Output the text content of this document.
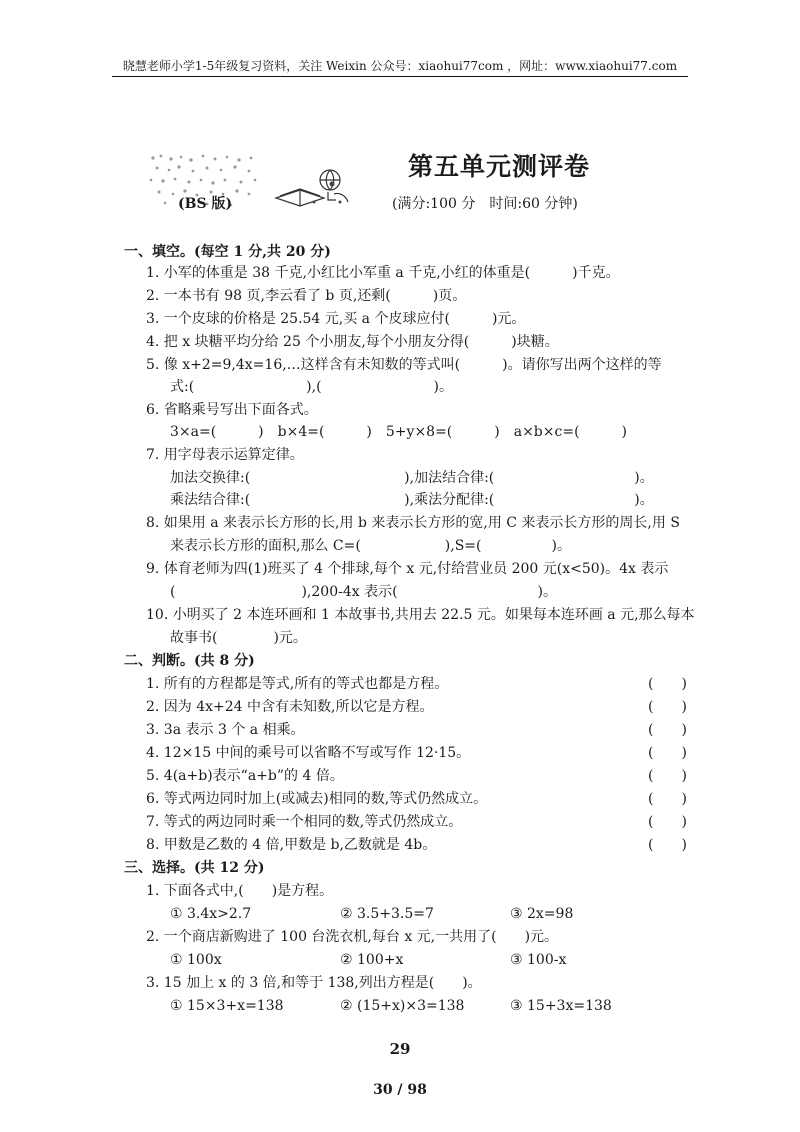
晓慧老师小学1-5年级复习资料，关注 Weixin 公众号：xiaohui77com ，网址：www.xiaohui77.com
第五单元测评卷
(BS 版)	(满分:100 分　时间:60 分钟)
一、填空。(每空 1 分,共 20 分)
1. 小军的体重是 38 千克,小红比小军重 a 千克,小红的体重是(　　　)千克。
2. 一本书有 98 页,李云看了 b 页,还剩(　　　)页。
3. 一个皮球的价格是 25.54 元,买 a 个皮球应付(　　　)元。
4. 把 x 块糖平均分给 25 个小朋友,每个小朋友分得(　　　)块糖。
5. 像 x+2=9,4x=16,…这样含有未知数的等式叫(　　　)。请你写出两个这样的等
式:(　　　　　　　　),(　　　　　　　　)。
6. 省略乘号写出下面各式。
3×a=(　　　)　b×4=(　　　)　5+y×8=(　　　)　a×b×c=(　　　)
7. 用字母表示运算定律。
加法交换律:(　　　　　　　　　　　),加法结合律:(　　　　　　　　　　)。
乘法结合律:(　　　　　　　　　　　),乘法分配律:(　　　　　　　　　　)。
8. 如果用 a 来表示长方形的长,用 b 来表示长方形的宽,用 C 来表示长方形的周长,用 S
来表示长方形的面积,那么 C=(　　　　　　),S=(　　　　　)。
9. 体育老师为四(1)班买了 4 个排球,每个 x 元,付给营业员 200 元(x<50)。4x 表示
(　　　　　　　　　),200-4x 表示(　　　　　　　　　　)。
10. 小明买了 2 本连环画和 1 本故事书,共用去 22.5 元。如果每本连环画 a 元,那么每本
故事书(　　　　)元。
二、判断。(共 8 分)
1. 所有的方程都是等式,所有的等式也都是方程。	(　　)
2. 因为 4x+24 中含有未知数,所以它是方程。	(　　)
3. 3a 表示 3 个 a 相乘。	(　　)
4. 12×15 中间的乘号可以省略不写或写作 12·15。	(　　)
5. 4(a+b)表示“a+b”的 4 倍。	(　　)
6. 等式两边同时加上(或减去)相同的数,等式仍然成立。	(　　)
7. 等式的两边同时乘一个相同的数,等式仍然成立。	(　　)
8. 甲数是乙数的 4 倍,甲数是 b,乙数就是 4b。	(　　)
三、选择。(共 12 分)
1. 下面各式中,(　　)是方程。
① 3.4x>2.7	② 3.5+3.5=7	③ 2x=98
2. 一个商店新购进了 100 台洗衣机,每台 x 元,一共用了(　　)元。
① 100x	② 100+x	③ 100-x
3. 15 加上 x 的 3 倍,和等于 138,列出方程是(　　)。
① 15×3+x=138	② (15+x)×3=138	③ 15+3x=138
29
30 / 98
